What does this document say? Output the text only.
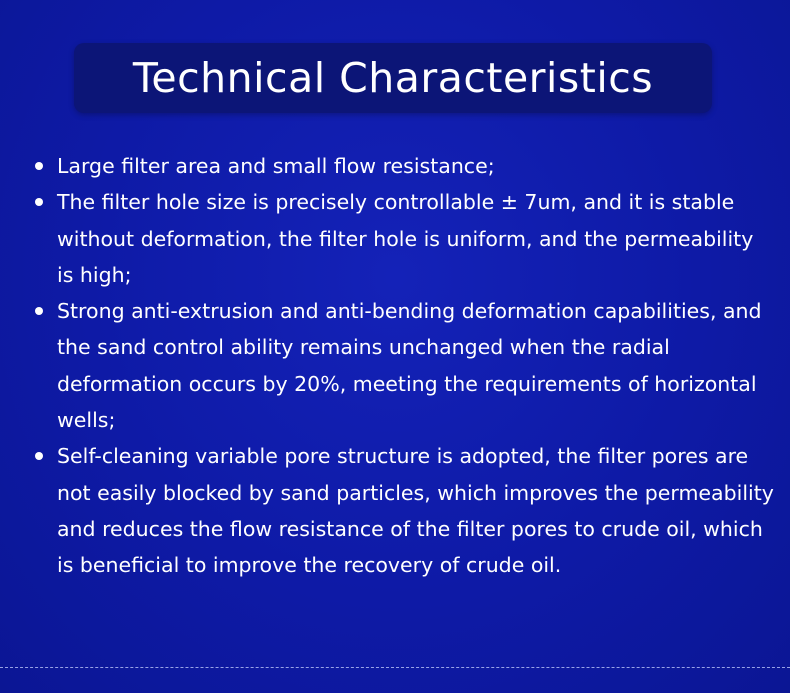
Technical Characteristics
Large filter area and small flow resistance;
The filter hole size is precisely controllable ± 7um, and it is stable without deformation, the filter hole is uniform, and the permeability is high;
Strong anti-extrusion and anti-bending deformation capabilities, and the sand control ability remains unchanged when the radial deformation occurs by 20%, meeting the requirements of horizontal wells;
Self-cleaning variable pore structure is adopted, the filter pores are not easily blocked by sand particles, which improves the permeability and reduces the flow resistance of the filter pores to crude oil, which is beneficial to improve the recovery of crude oil.
